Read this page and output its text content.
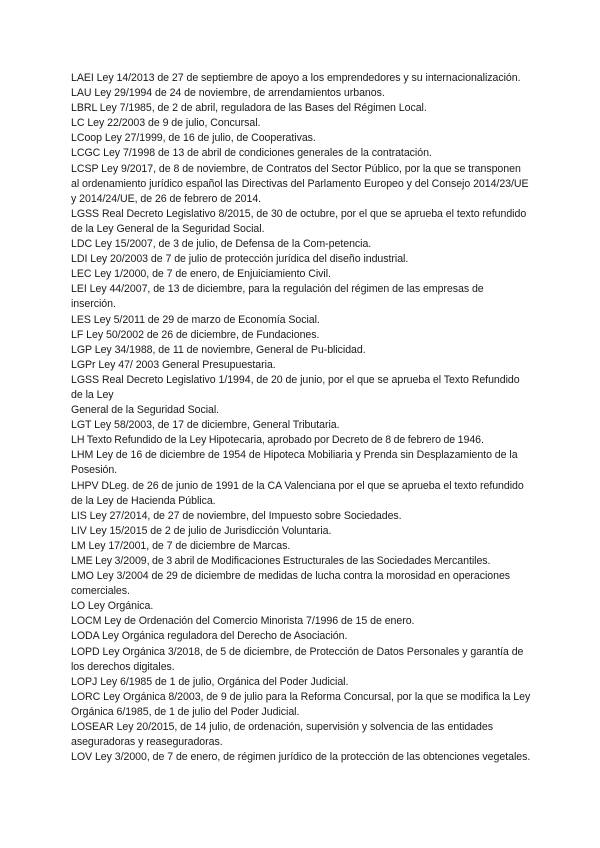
LAEI Ley 14/2013 de 27 de septiembre de apoyo a los emprendedores y su internacionalización.

LAU Ley 29/1994 de 24 de noviembre, de arrendamientos urbanos.

LBRL Ley 7/1985, de 2 de abril, reguladora de las Bases del Régimen Local.

LC Ley 22/2003 de 9 de julio, Concursal.

LCoop Ley 27/1999, de 16 de julio, de Cooperativas.

LCGC Ley 7/1998 de 13 de abril de condiciones generales de la contratación.

LCSP Ley 9/2017, de 8 de noviembre, de Contratos del Sector Público, por la que se transponen al ordenamiento jurídico español las Directivas del Parlamento Europeo y del Consejo 2014/23/UE y 2014/24/UE, de 26 de febrero de 2014.

LGSS Real Decreto Legislativo 8/2015, de 30 de octubre, por el que se aprueba el texto refundido de la Ley General de la Seguridad Social.

LDC Ley 15/2007, de 3 de julio, de Defensa de la Com-petencia.

LDI Ley 20/2003 de 7 de julio de protección jurídica del diseño industrial.

LEC Ley 1/2000, de 7 de enero, de Enjuiciamiento Civil.

LEI Ley 44/2007, de 13 de diciembre, para la regulación del régimen de las empresas de inserción.

LES Ley 5/2011 de 29 de marzo de Economía Social.

LF Ley 50/2002 de 26 de diciembre, de Fundaciones.

LGP Ley 34/1988, de 11 de noviembre, General de Pu-blicidad.

LGPr Ley 47/ 2003 General Presupuestaria.

LGSS Real Decreto Legislativo 1/1994, de 20 de junio, por el que se aprueba el Texto Refundido de la Ley

General de la Seguridad Social.

LGT Ley 58/2003, de 17 de diciembre, General Tributaria.

LH Texto Refundido de la Ley Hipotecaria, aprobado por Decreto de 8 de febrero de 1946.

LHM Ley de 16 de diciembre de 1954 de Hipoteca Mobiliaria y Prenda sin Desplazamiento de la Posesión.

LHPV DLeg. de 26 de junio de 1991 de la CA Valenciana por el que se aprueba el texto refundido de la Ley de Hacienda Pública.

LIS Ley 27/2014, de 27 de noviembre, del Impuesto sobre Sociedades.

LIV Ley 15/2015 de 2 de julio de Jurisdicción Voluntaria.

LM Ley 17/2001, de 7 de diciembre de Marcas.

LME Ley 3/2009, de 3 abril de Modificaciones Estructurales de las Sociedades Mercantiles.

LMO Ley 3/2004 de 29 de diciembre de medidas de lucha contra la morosidad en operaciones comerciales.

LO Ley Orgánica.

LOCM Ley de Ordenación del Comercio Minorista 7/1996 de 15 de enero.

LODA Ley Orgánica reguladora del Derecho de Asociación.

LOPD Ley Orgánica 3/2018, de 5 de diciembre, de Protección de Datos Personales y garantía de los derechos digitales.

LOPJ Ley 6/1985 de 1 de julio, Orgánica del Poder Judicial.

LORC Ley Orgánica 8/2003, de 9 de julio para la Reforma Concursal, por la que se modifica la Ley Orgánica 6/1985, de 1 de julio del Poder Judicial.

LOSEAR Ley 20/2015, de 14 julio, de ordenación, supervisión y solvencia de las entidades aseguradoras y reaseguradoras.

LOV Ley 3/2000, de 7 de enero, de régimen jurídico de la protección de las obtenciones vegetales.
